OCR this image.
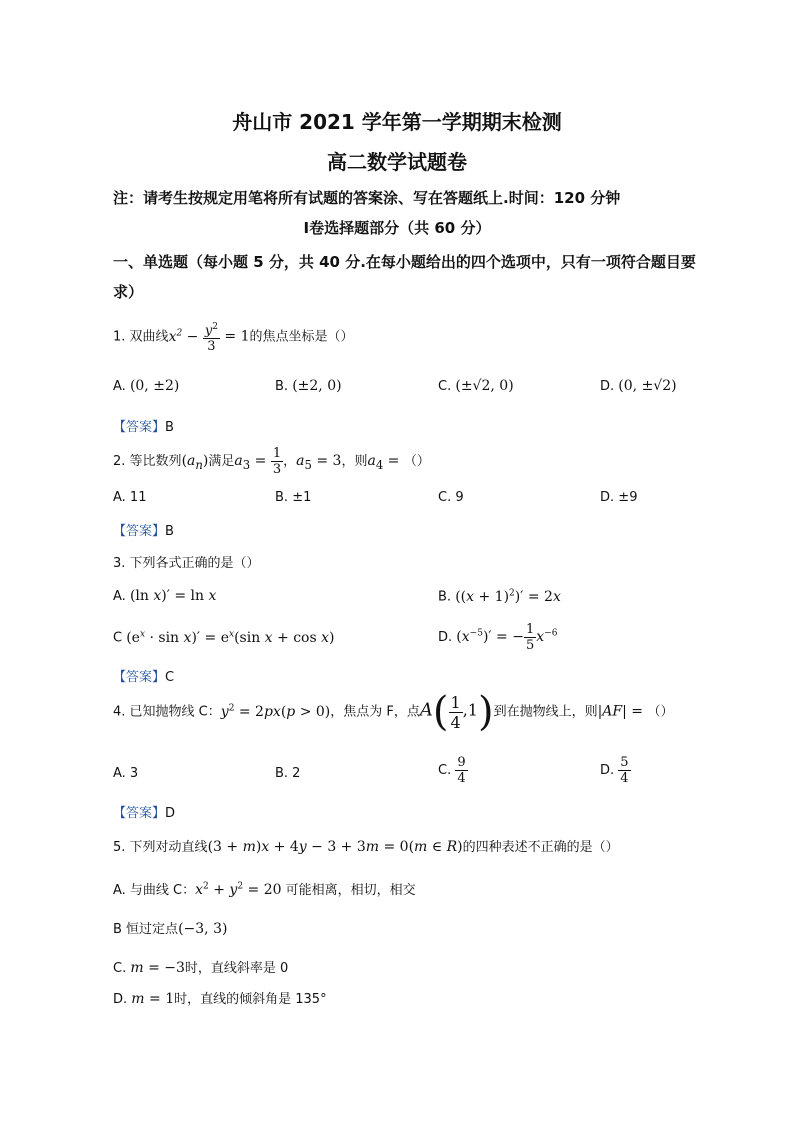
舟山市 2021 学年第一学期期末检测
高二数学试题卷
注：请考生按规定用笔将所有试题的答案涂、写在答题纸上.时间：120 分钟
Ⅰ卷选择题部分（共 60 分）
一、单选题（每小题 5 分，共 40 分.在每小题给出的四个选项中，只有一项符合题目要求）
1. 双曲线$x^2 - \frac{y^2}{3} = 1$的焦点坐标是（）
A. (0, ±2)	B. (±2, 0)	C. (±√2, 0)	D. (0, ±√2)
【答案】B
2. 等比数列$(a_n)$满足$a_3 = \frac{1}{3}$ ，$a_5 = 3$，则$a_4$ = （）
A. 11	B. ±1	C. 9	D. ±9
【答案】B
3. 下列各式正确的是（）
A. (ln x)′ = ln x	B. $((x + 1)^2)' = 2x$
C $(e^x \cdot \sin x)' = e^x(\sin$ x + cos x)	D. $(x^{-5})'$ = − $\frac{1}{5} x^{-6}$
【答案】C
4. 已知抛物线 C：$y^2 = 2px(p > 0)$，焦点为 F，点$A( \frac{1}{4} ,1)$到在抛物线上，则|AF| = （）
A. 3	B. 2	C. $\frac{9}{4}$	D. $\frac{5}{4}$
【答案】D
5. 下列对动直线(3 + m)x + 4y − 3 + 3m = 0(m ∈ R)的四种表述不正确的是（）
A. 与曲线 C：$x^2 + y^2 = 20$ 可能相离，相切，相交
B 恒过定点(−3, 3)
C. m = −3时，直线斜率是 0
D. m = 1时，直线的倾斜角是 135°
